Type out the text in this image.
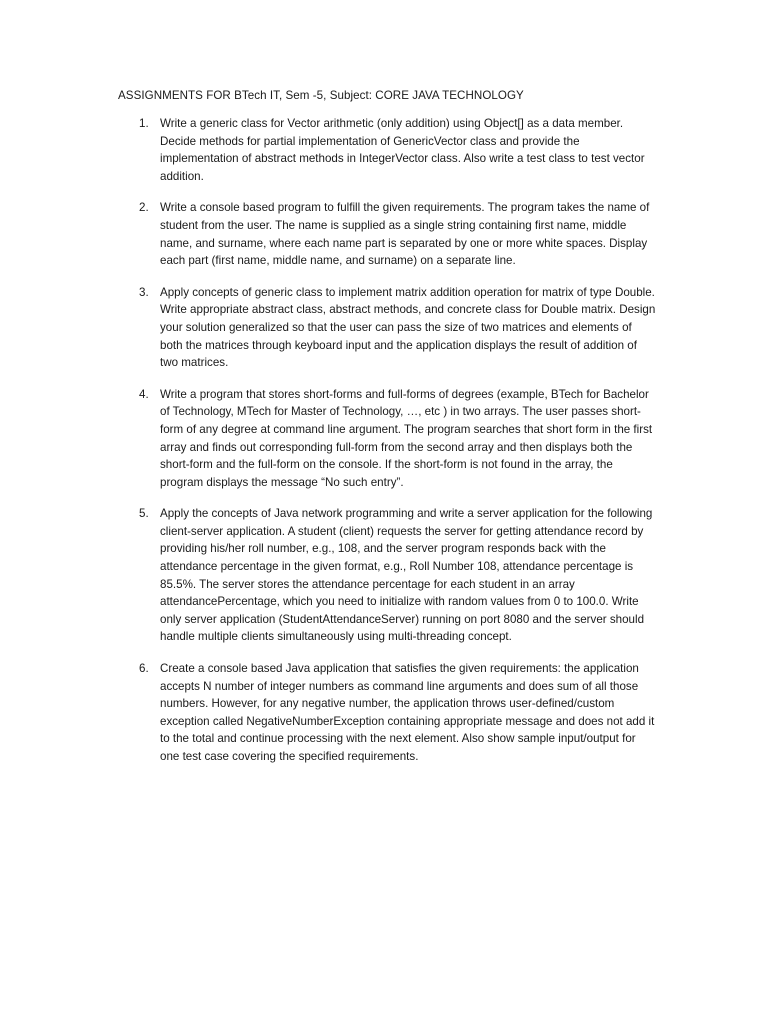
ASSIGNMENTS FOR BTech IT, Sem -5, Subject: CORE JAVA TECHNOLOGY
1. Write a generic class for Vector arithmetic (only addition) using Object[] as a data member. Decide methods for partial implementation of GenericVector class and provide the implementation of abstract methods in IntegerVector class. Also write a test class to test vector addition.
2. Write a console based program to fulfill the given requirements. The program takes the name of student from the user. The name is supplied as a single string containing first name, middle name, and surname, where each name part is separated by one or more white spaces. Display each part (first name, middle name, and surname) on a separate line.
3. Apply concepts of generic class to implement matrix addition operation for matrix of type Double. Write appropriate abstract class, abstract methods, and concrete class for Double matrix. Design your solution generalized so that the user can pass the size of two matrices and elements of both the matrices through keyboard input and the application displays the result of addition of two matrices.
4. Write a program that stores short-forms and full-forms of degrees (example, BTech for Bachelor of Technology, MTech for Master of Technology, …, etc ) in two arrays. The user passes short-form of any degree at command line argument. The program searches that short form in the first array and finds out corresponding full-form from the second array and then displays both the short-form and the full-form on the console. If the short-form is not found in the array, the program displays the message “No such entry”.
5. Apply the concepts of Java network programming and write a server application for the following client-server application. A student (client) requests the server for getting attendance record by providing his/her roll number, e.g., 108, and the server program responds back with the attendance percentage in the given format, e.g., Roll Number 108, attendance percentage is 85.5%. The server stores the attendance percentage for each student in an array attendancePercentage, which you need to initialize with random values from 0 to 100.0. Write only server application (StudentAttendanceServer) running on port 8080 and the server should handle multiple clients simultaneously using multi-threading concept.
6. Create a console based Java application that satisfies the given requirements: the application accepts N number of integer numbers as command line arguments and does sum of all those numbers. However, for any negative number, the application throws user-defined/custom exception called NegativeNumberException containing appropriate message and does not add it to the total and continue processing with the next element. Also show sample input/output for one test case covering the specified requirements.
